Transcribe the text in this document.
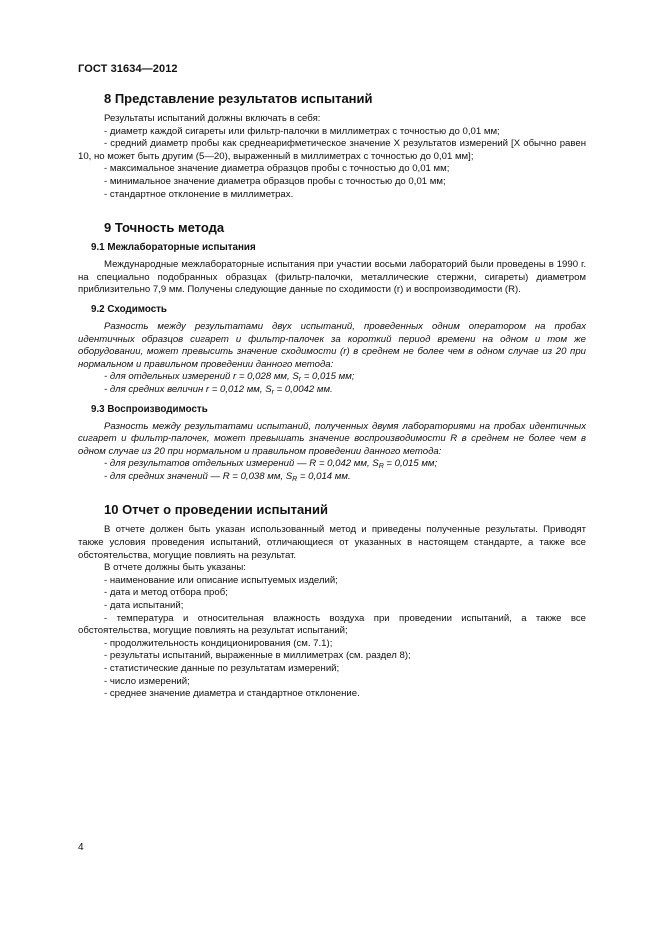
ГОСТ 31634—2012
8 Представление результатов испытаний

Результаты испытаний должны включать в себя:

- диаметр каждой сигареты или фильтр-палочки в миллиметрах с точностью до 0,01 мм;

- средний диаметр пробы как среднеарифметическое значение X результатов измерений [X обычно равен 10, но может быть другим (5—20), выраженный в миллиметрах с точностью до 0,01 мм];

- максимальное значение диаметра образцов пробы с точностью до 0,01 мм;

- минимальное значение диаметра образцов пробы с точностью до 0,01 мм;

- стандартное отклонение в миллиметрах.

9 Точность метода
9.1 Межлабораторные испытания

Международные межлабораторные испытания при участии восьми лабораторий были проведены в 1990 г. на специально подобранных образцах (фильтр-палочки, металлические стержни, сигареты) диаметром приблизительно 7,9 мм. Получены следующие данные по сходимости (r) и воспроизводимости (R).

9.2 Сходимость

Разность между результатами двух испытаний, проведенных одним оператором на пробах идентичных образцов сигарет и фильтр-палочек за короткий период времени на одном и том же оборудовании, может превысить значение сходимости (r) в среднем не более чем в одном случае из 20 при нормальном и правильном проведении данного метода:

- для отдельных измерений r = 0,028 мм, $S_r = 0,015$ мм;

- для средних величин r = 0,012 мм, $S_r = 0,0042$ мм.

9.3 Воспроизводимость

Разность между результатами испытаний, полученных двумя лабораториями на пробах идентичных сигарет и фильтр-палочек, может превышать значение воспроизводимости R в среднем не более чем в одном случае из 20 при нормальном и правильном проведении данного метода:

- для результатов отдельных измерений — R = 0,042 мм, $S_R = 0,015$ мм;

- для средних значений — R = 0,038 мм, $S_R = 0,014$ мм.

10 Отчет о проведении испытаний

В отчете должен быть указан использованный метод и приведены полученные результаты. Приводят также условия проведения испытаний, отличающиеся от указанных в настоящем стандарте, а также все обстоятельства, могущие повлиять на результат.

В отчете должны быть указаны:

- наименование или описание испытуемых изделий;

- дата и метод отбора проб;

- дата испытаний;

- температура и относительная влажность воздуха при проведении испытаний, а также все обстоятельства, могущие повлиять на результат испытаний;

- продолжительность кондиционирования (см. 7.1);

- результаты испытаний, выраженные в миллиметрах (см. раздел 8);

- статистические данные по результатам измерений;

- число измерений;

- среднее значение диаметра и стандартное отклонение.

4
